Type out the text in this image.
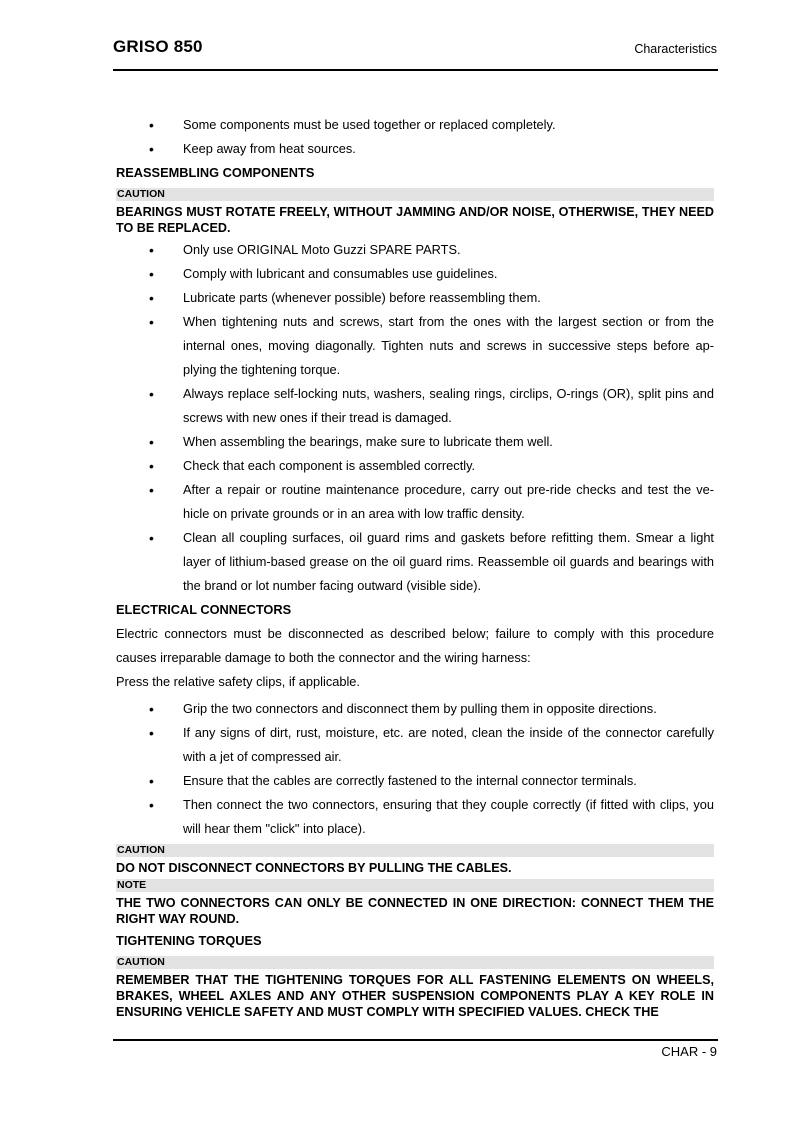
GRISO 850	Characteristics
• Some components must be used together or replaced completely.
• Keep away from heat sources.
REASSEMBLING COMPONENTS
CAUTION
BEARINGS MUST ROTATE FREELY, WITHOUT JAMMING AND/OR NOISE, OTHERWISE, THEY NEED TO BE REPLACED.
• Only use ORIGINAL Moto Guzzi SPARE PARTS.
• Comply with lubricant and consumables use guidelines.
• Lubricate parts (whenever possible) before reassembling them.
• When tightening nuts and screws, start from the ones with the largest section or from the internal ones, moving diagonally. Tighten nuts and screws in successive steps before ap-plying the tightening torque.
• Always replace self-locking nuts, washers, sealing rings, circlips, O-rings (OR), split pins and screws with new ones if their tread is damaged.
• When assembling the bearings, make sure to lubricate them well.
• Check that each component is assembled correctly.
• After a repair or routine maintenance procedure, carry out pre-ride checks and test the ve-hicle on private grounds or in an area with low traffic density.
• Clean all coupling surfaces, oil guard rims and gaskets before refitting them. Smear a light layer of lithium-based grease on the oil guard rims. Reassemble oil guards and bearings with the brand or lot number facing outward (visible side).
ELECTRICAL CONNECTORS
Electric connectors must be disconnected as described below; failure to comply with this procedure causes irreparable damage to both the connector and the wiring harness:
Press the relative safety clips, if applicable.
• Grip the two connectors and disconnect them by pulling them in opposite directions.
• If any signs of dirt, rust, moisture, etc. are noted, clean the inside of the connector carefully with a jet of compressed air.
• Ensure that the cables are correctly fastened to the internal connector terminals.
• Then connect the two connectors, ensuring that they couple correctly (if fitted with clips, you will hear them "click" into place).
CAUTION
DO NOT DISCONNECT CONNECTORS BY PULLING THE CABLES.
NOTE
THE TWO CONNECTORS CAN ONLY BE CONNECTED IN ONE DIRECTION: CONNECT THEM THE RIGHT WAY ROUND.
TIGHTENING TORQUES
CAUTION
REMEMBER THAT THE TIGHTENING TORQUES FOR ALL FASTENING ELEMENTS ON WHEELS, BRAKES, WHEEL AXLES AND ANY OTHER SUSPENSION COMPONENTS PLAY A KEY ROLE IN ENSURING VEHICLE SAFETY AND MUST COMPLY WITH SPECIFIED VALUES. CHECK THE
CHAR - 9
